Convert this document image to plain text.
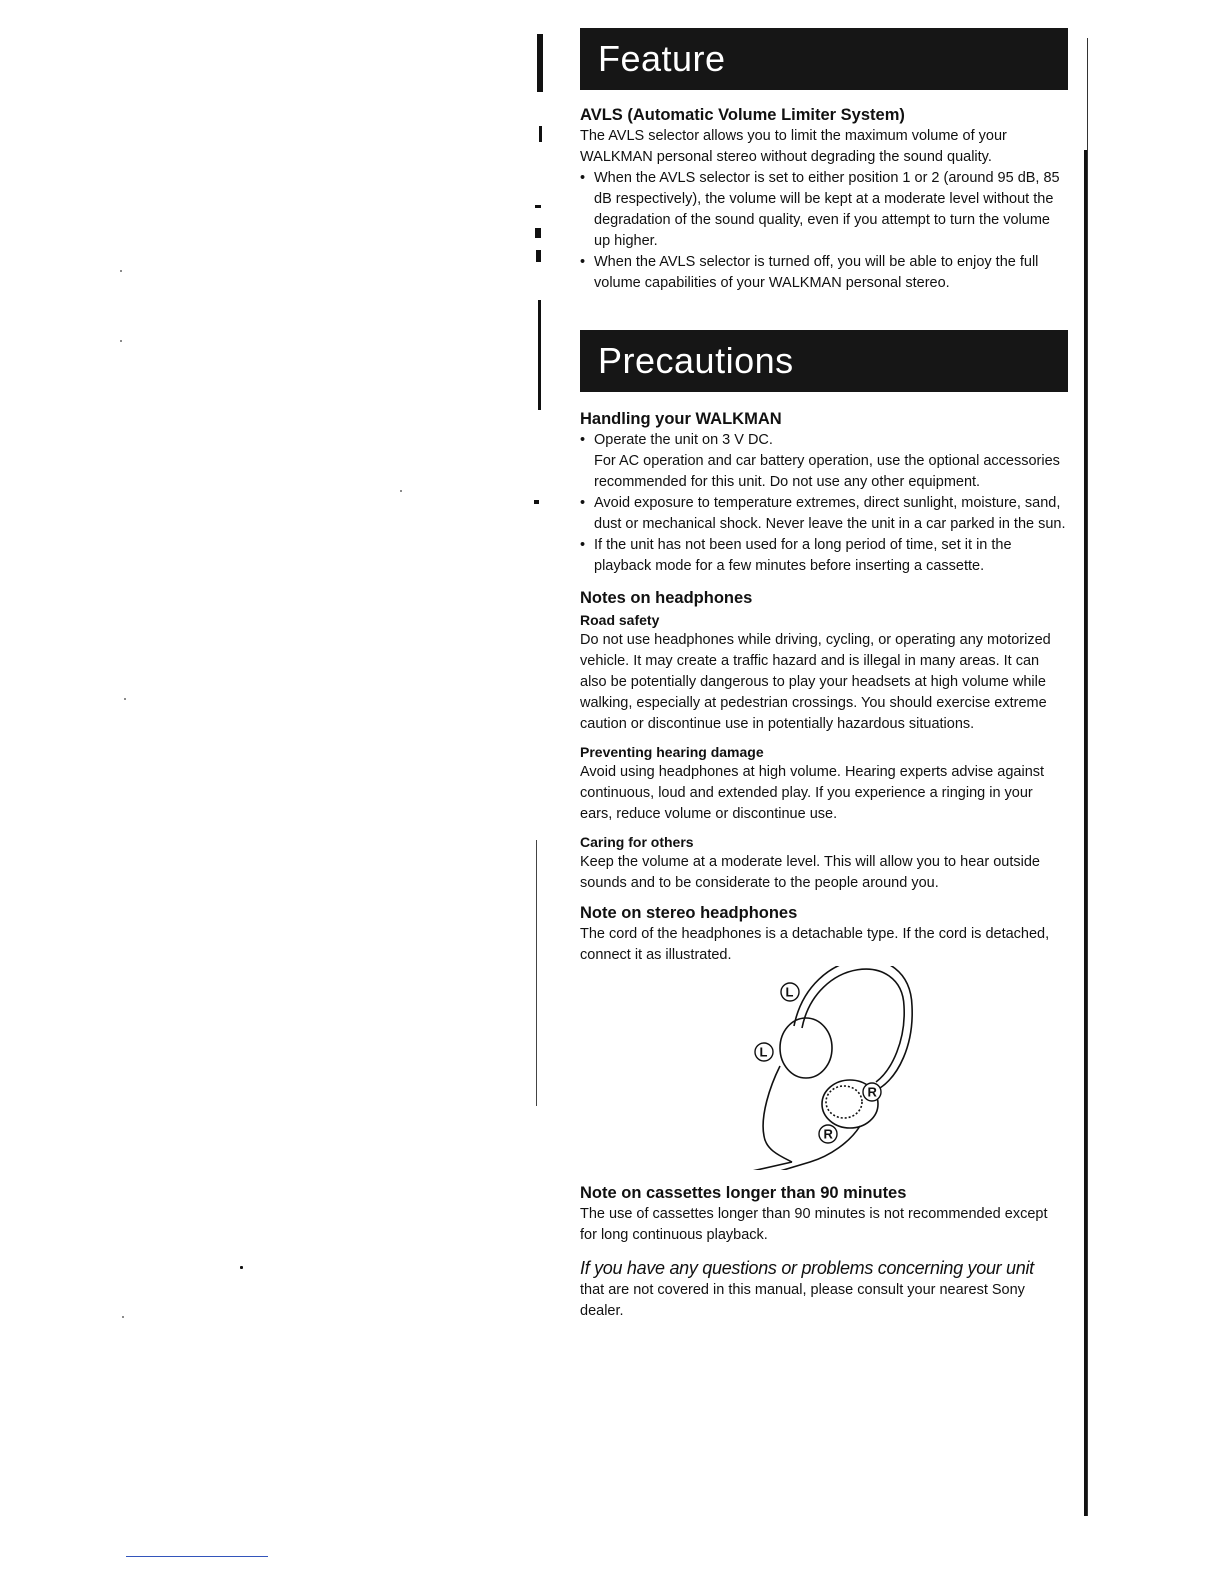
Feature
AVLS (Automatic Volume Limiter System)

The AVLS selector allows you to limit the maximum volume of your WALKMAN personal stereo without degrading the sound quality.

• When the AVLS selector is set to either position 1 or 2 (around 95 dB, 85 dB respectively), the volume will be kept at a moderate level without the degradation of the sound quality, even if you attempt to turn the volume up higher.
• When the AVLS selector is turned off, you will be able to enjoy the full volume capabilities of your WALKMAN personal stereo.
Precautions
Handling your WALKMAN
• Operate the unit on 3 V DC.
For AC operation and car battery operation, use the optional accessories recommended for this unit. Do not use any other equipment.
• Avoid exposure to temperature extremes, direct sunlight, moisture, sand, dust or mechanical shock. Never leave the unit in a car parked in the sun.
• If the unit has not been used for a long period of time, set it in the playback mode for a few minutes before inserting a cassette.
Notes on headphones
Road safety

Do not use headphones while driving, cycling, or operating any motorized vehicle. It may create a traffic hazard and is illegal in many areas. It can also be potentially dangerous to play your headsets at high volume while walking, especially at pedestrian crossings. You should exercise extreme caution or discontinue use in potentially hazardous situations.

Preventing hearing damage

Avoid using headphones at high volume. Hearing experts advise against continuous, loud and extended play. If you experience a ringing in your ears, reduce volume or discontinue use.

Caring for others

Keep the volume at a moderate level. This will allow you to hear outside sounds and to be considerate to the people around you.

Note on stereo headphones

The cord of the headphones is a detachable type. If the cord is detached, connect it as illustrated.

L
L
R
R
Note on cassettes longer than 90 minutes

The use of cassettes longer than 90 minutes is not recommended except for long continuous playback.

If you have any questions or problems concerning your unit

that are not covered in this manual, please consult your nearest Sony dealer.
